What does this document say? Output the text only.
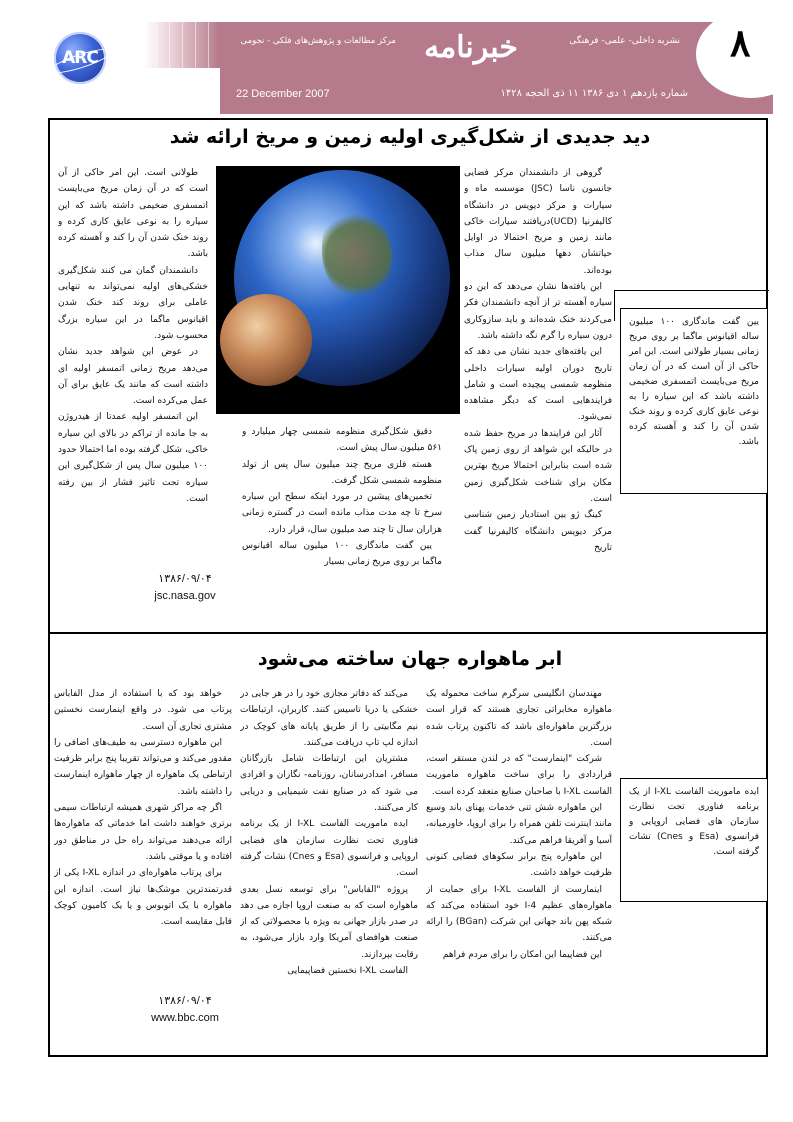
ARC
22 December 2007
مرکز مطالعات و پژوهش‌های فلکی - نجومی خبرنامه	نشریه داخلی- علمی- فرهنگی
شماره یازدهم ۱ دی ۱۳۸۶ ۱۱ ذی الحجه ۱۴۲۸
۸
دید جدیدی از شکل‌گیری اولیه زمین و مریخ ارائه شد

گروهی از دانشمندان مرکز فضایی جانسون ناسا (JSC) موسسه ماه و سیارات و مرکز دیویس در دانشگاه کالیفرنیا (UCD)دریافتند سیارات خاکی مانند زمین و مریخ احتمالا در اوایل حیاتشان دهها میلیون سال مذاب بوده‌اند.

این یافته‌ها نشان می‌دهد که این دو سیاره آهسته تر از آنچه دانشمندان فکر می‌کردند خنک شده‌اند و باید سازوکاری درون سیاره را گرم نگه داشته باشد.

این یافته‌های جدید نشان می دهد که تاریخ دوران اولیه سیارات داخلی منظومه شمسی پیچیده است و شامل فرایندهایی است که دیگر مشاهده نمی‌شود.

آثار این فرایندها در مریخ حفظ شده در حالیکه این شواهد از روی زمین پاک شده است بنابراین احتمالا مریخ بهترین مکان برای شناخت شکل‌گیری زمین است.

کینگ ژو یین استادیار زمین شناسی مرکز دیویس دانشگاه کالیفرنیا گفت تاریخ

دقیق شکل‌گیری منظومه شمسی چهار میلیارد و ۵۶۱ میلیون سال پیش است.

هسته فلزی مریخ چند میلیون سال پس از تولد منظومه شمسی شکل گرفت.

تخمین‌های پیشین در مورد اینکه سطح این سیاره سرخ تا چه مدت مذاب مانده است در گستره زمانی هزاران سال تا چند صد میلیون سال، قرار دارد.

یین گفت ماندگاری ۱۰۰ میلیون ساله اقیانوس ماگما بر روی مریخ زمانی بسیار

طولانی است. این امر حاکی از آن است که در آن زمان مریخ می‌بایست اتمسفری ضخیمی داشته باشد که این سیاره را به نوعی عایق کاری کرده و روند خنک شدن آن را کند و آهسته کرده باشد.

دانشمندان گمان می کنند شکل‌گیری خشکی‌های اولیه نمی‌تواند به تنهایی عاملی برای روند کند خنک شدن اقیانوس ماگما در این سیاره بزرگ محسوب شود.

در عوض این شواهد جدید نشان می‌دهد مریخ زمانی اتمسفر اولیه ای داشته است که مانند یک عایق برای آن عمل می‌کرده است.

این اتمسفر اولیه عمدتا از هیدروژن به جا مانده از تراکم در بالای این سیاره خاکی، شکل گرفته بوده اما احتمالا حدود ۱۰۰ میلیون سال پس از شکل‌گیری این سیاره تحت تاثیر فشار از بین رفته است.

۱۳۸۶/۰۹/۰۴
jsc.nasa.gov
یین گفت ماندگاری ۱۰۰ میلیون ساله اقیانوس ماگما بر روی مریخ زمانی بسیار طولانی است. این امر حاکی از آن است که در آن زمان مریخ می‌بایست اتمسفری ضخیمی داشته باشد که این سیاره را به نوعی عایق کاری کرده و روند خنک شدن آن را کند و آهسته کرده باشد.
ابر ماهواره جهان ساخته می‌شود

مهندسان انگلیسی سرگرم ساخت محموله یک ماهواره مخابراتی تجاری هستند که قرار است بزرگترین ماهواره‌ای باشد که تاکنون پرتاب شده است.

شرکت "اینمارست" که در لندن مستقر است، قراردادی را برای ساخت ماهواره ماموریت الفاست I-XL با صاحبان صنایع منعقد کرده است.

این ماهواره شش تنی خدمات پهنای باند وسیع مانند اینترنت تلفن همراه را برای اروپا، خاورمیانه، آسیا و آفریقا فراهم می‌کند.

این ماهواره پنج برابر سکوهای فضایی کنونی ظرفیت خواهد داشت.

اینمارست از الفاست I-XL برای حمایت از ماهواره‌های عظیم I-4 خود استفاده می‌کند که شبکه پهن باند جهانی این شرکت (BGan) را ارائه می‌کنند.

این فضاپیما این امکان را برای مردم فراهم

می‌کند که دفاتر مجازی خود را در هر جایی در خشکی یا دریا تاسیس کنند. کاربران، ارتباطات نیم مگابیتی را از طریق پایانه های کوچک در اندازه لپ تاپ دریافت می‌کنند.

مشتریان این ارتباطات شامل بازرگانان مسافر، امدادرسانان، روزنامه- نگاران و افرادی می شود که در صنایع نفت شیمیایی و دریایی کار می‌کنند.

ایده ماموریت الفاست I-XL از یک برنامه فناوری تحت نظارت سازمان های فضایی اروپایی و فرانسوی (Esa و Cnes) نشات گرفته است.

پروژه "الفاباس" برای توسعه نسل بعدی ماهواره است که به صنعت اروپا اجازه می دهد در صدر بازار جهانی به ویژه با محصولاتی که از صنعت هوافضای آمریکا وارد بازار می‌شود، به رقابت بپردازند.

الفاست I-XL نخستین فضاپیمایی

خواهد بود که با استفاده از مدل الفاباس پرتاب می شود. در واقع اینمارست نخستین مشتری تجاری آن است.

این ماهواره دسترسی به طیف‌های اضافی را مقدور می‌کند و می‌تواند تقریبا پنج برابر ظرفیت ارتباطی یک ماهواره از چهار ماهواره اینمارست را داشته باشد.

اگر چه مراکز شهری همیشه ارتباطات سیمی برتری خواهند داشت اما خدماتی که ماهواره‌ها ارائه می‌دهند می‌تواند راه حل در مناطق دور افتاده و یا موقتی باشد.

برای پرتاب ماهواره‌ای در اندازه I-XL یکی از قدرتمندترین موشک‌ها نیاز است. اندازه این ماهواره با یک اتوبوس و یا یک کامیون کوچک قابل مقایسه است.

۱۳۸۶/۰۹/۰۴
www.bbc.com
ایده ماموریت الفاست I-XL از یک برنامه فناوری تحت نظارت سازمان های فضایی اروپایی و فرانسوی (Esa و Cnes) نشات گرفته است.
